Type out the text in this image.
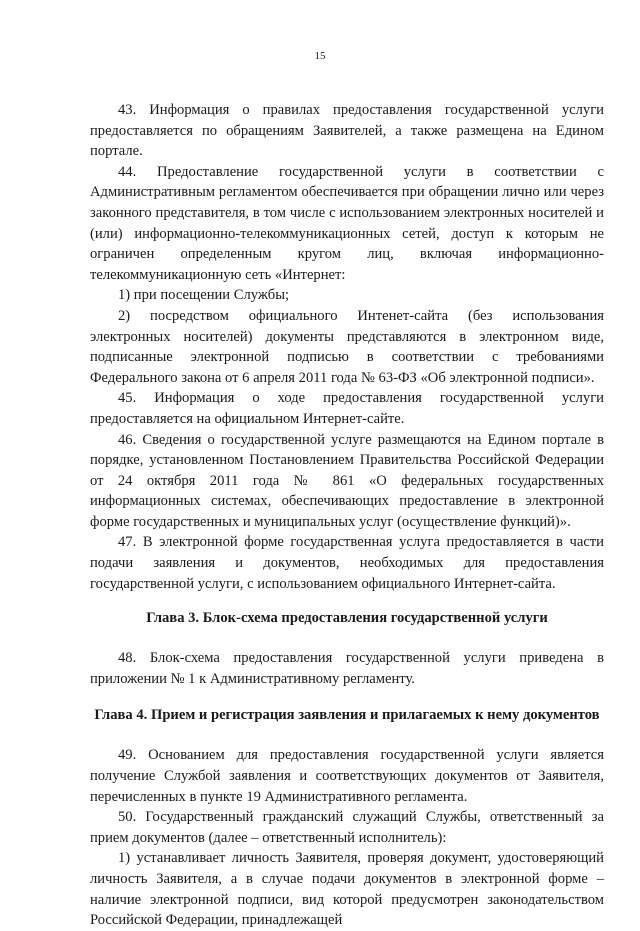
15

43. Информация о правилах предоставления государственной услуги предоставляется по обращениям Заявителей, а также размещена на Едином портале.

44. Предоставление государственной услуги в соответствии с Административным регламентом обеспечивается при обращении лично или через законного представителя, в том числе с использованием электронных носителей и (или) информационно-телекоммуникационных сетей, доступ к которым не ограничен определенным кругом лиц, включая информационно-телекоммуникационную сеть «Интернет:

1) при посещении Службы;

2) посредством официального Интенет-сайта (без использования электронных носителей) документы представляются в электронном виде, подписанные электронной подписью в соответствии с требованиями Федерального закона от 6 апреля 2011 года № 63-ФЗ «Об электронной подписи».

45. Информация о ходе предоставления государственной услуги предоставляется на официальном Интернет-сайте.

46. Сведения о государственной услуге размещаются на Едином портале в порядке, установленном Постановлением Правительства Российской Федерации от 24 октября 2011 года № 861 «О федеральных государственных информационных системах, обеспечивающих предоставление в электронной форме государственных и муниципальных услуг (осуществление функций)».

47. В электронной форме государственная услуга предоставляется в части подачи заявления и документов, необходимых для предоставления государственной услуги, с использованием официального Интернет-сайта.

Глава 3. Блок-схема предоставления государственной услуги

48. Блок-схема предоставления государственной услуги приведена в приложении № 1 к Административному регламенту.

Глава 4. Прием и регистрация заявления и прилагаемых к нему документов

49. Основанием для предоставления государственной услуги является получение Службой заявления и соответствующих документов от Заявителя, перечисленных в пункте 19 Административного регламента.

50. Государственный гражданский служащий Службы, ответственный за прием документов (далее – ответственный исполнитель):

1) устанавливает личность Заявителя, проверяя документ, удостоверяющий личность Заявителя, а в случае подачи документов в электронной форме – наличие электронной подписи, вид которой предусмотрен законодательством Российской Федерации, принадлежащей
